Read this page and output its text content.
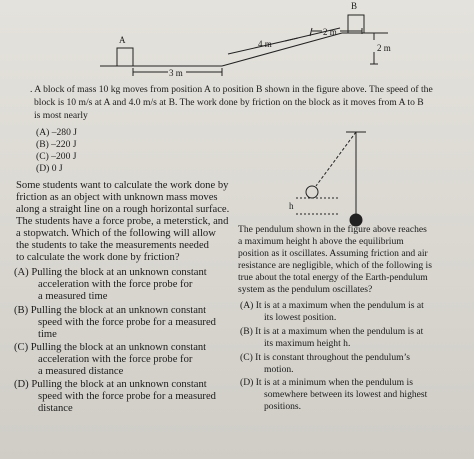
A
B
4 m
2 m
2 m
3 m
. A block of mass 10 kg moves from position A to position B shown in the figure above. The speed of the
block is 10 m/s at A and 4.0 m/s at B. The work done by friction on the block as it moves from A to B
is most nearly
(A) –280 J
(B) –220 J
(C) –200 J
(D) 0 J
Some students want to calculate the work done by
friction as an object with unknown mass moves
along a straight line on a rough horizontal surface.
The students have a force probe, a meterstick, and
a stopwatch. Which of the following will allow
the students to take the measurements needed
to calculate the work done by friction?
(A) Pulling the block at an unknown constant
acceleration with the force probe for
a measured time
(B) Pulling the block at an unknown constant
speed with the force probe for a measured
time
(C) Pulling the block at an unknown constant
acceleration with the force probe for
a measured distance
(D) Pulling the block at an unknown constant
speed with the force probe for a measured
distance
h
The pendulum shown in the figure above reaches
a maximum height h above the equilibrium
position as it oscillates. Assuming friction and air
resistance are negligible, which of the following is
true about the total energy of the Earth-pendulum
system as the pendulum oscillates?
(A) It is at a maximum when the pendulum is at
its lowest position.
(B) It is at a maximum when the pendulum is at
its maximum height h.
(C) It is constant throughout the pendulum’s
motion.
(D) It is at a minimum when the pendulum is
somewhere between its lowest and highest
positions.
